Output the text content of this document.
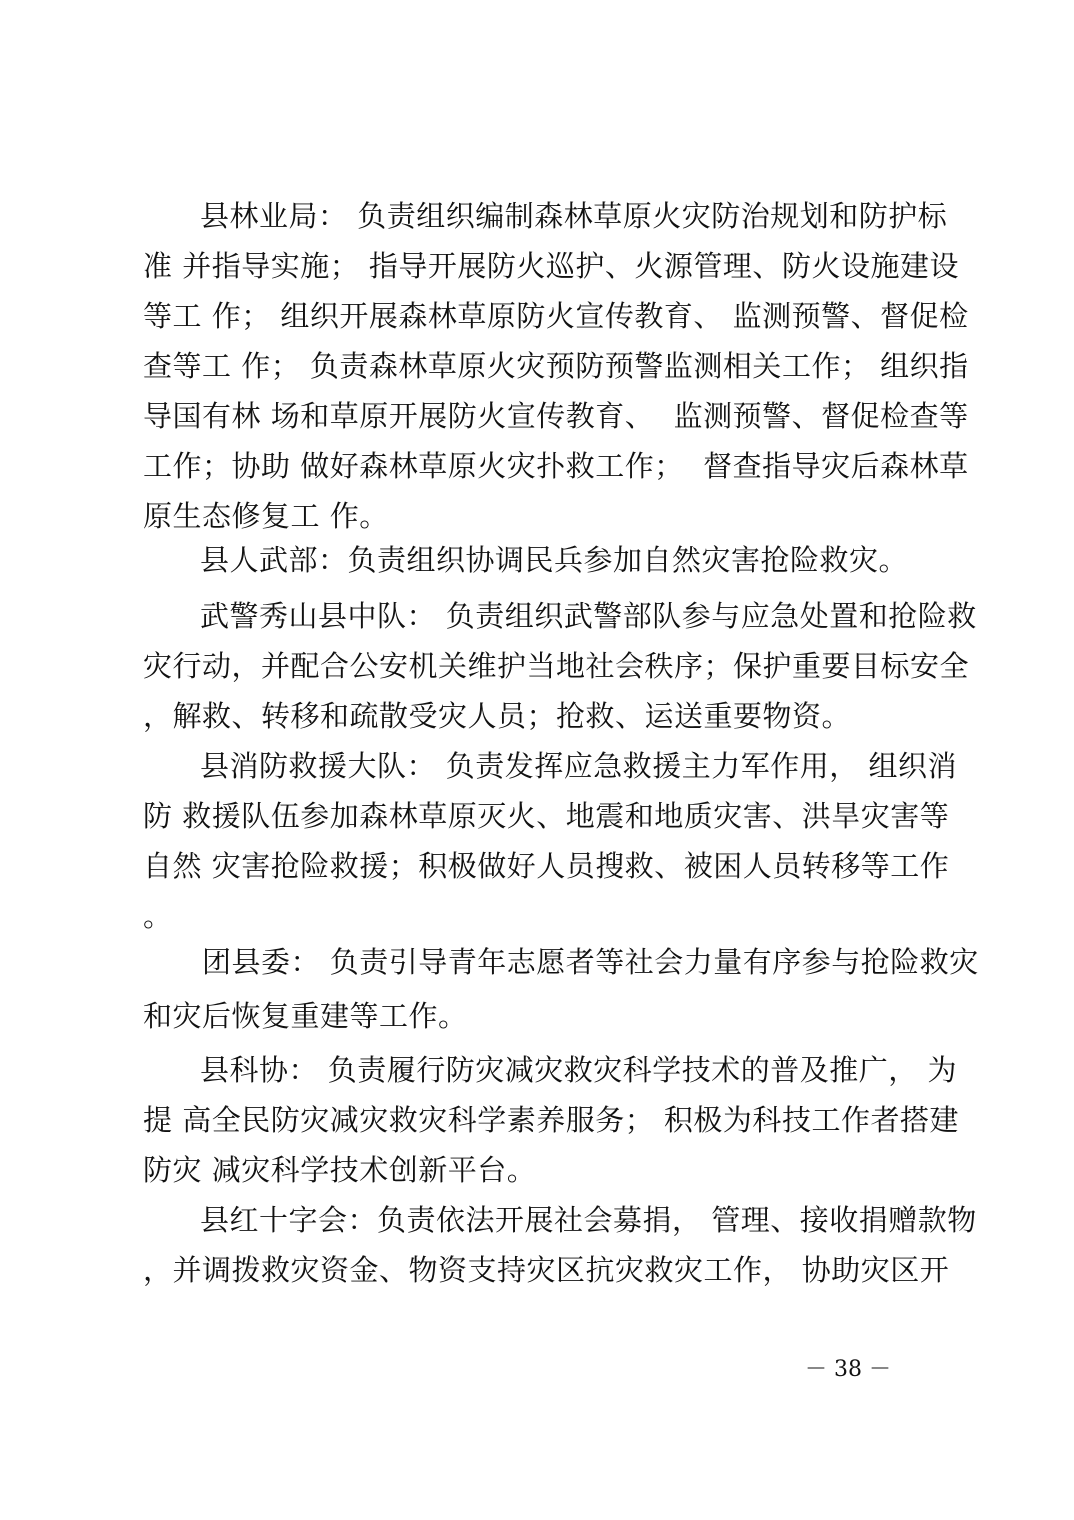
县林业局： 负责组织编制森林草原火灾防治规划和防护标
准 并指导实施； 指导开展防火巡护、火源管理、防火设施建设
等工 作； 组织开展森林草原防火宣传教育、 监测预警、督促检
查等工 作； 负责森林草原火灾预防预警监测相关工作； 组织指
导国有林 场和草原开展防火宣传教育、  监测预警、督促检查等
工作；协助 做好森林草原火灾扑救工作；  督查指导灾后森林草
原生态修复工 作。
县人武部：负责组织协调民兵参加自然灾害抢险救灾。
武警秀山县中队： 负责组织武警部队参与应急处置和抢险救
灾行动，并配合公安机关维护当地社会秩序；保护重要目标安全
，解救、转移和疏散受灾人员；抢救、运送重要物资。
县消防救援大队： 负责发挥应急救援主力军作用， 组织消
防 救援队伍参加森林草原灭火、地震和地质灾害、洪旱灾害等
自然 灾害抢险救援；积极做好人员搜救、被困人员转移等工作
。
团县委： 负责引导青年志愿者等社会力量有序参与抢险救灾
和灾后恢复重建等工作。
县科协： 负责履行防灾减灾救灾科学技术的普及推广， 为
提 高全民防灾减灾救灾科学素养服务； 积极为科技工作者搭建
防灾 减灾科学技术创新平台。
县红十字会：负责依法开展社会募捐， 管理、接收捐赠款物
，并调拨救灾资金、物资支持灾区抗灾救灾工作， 协助灾区开
－ 38 －
